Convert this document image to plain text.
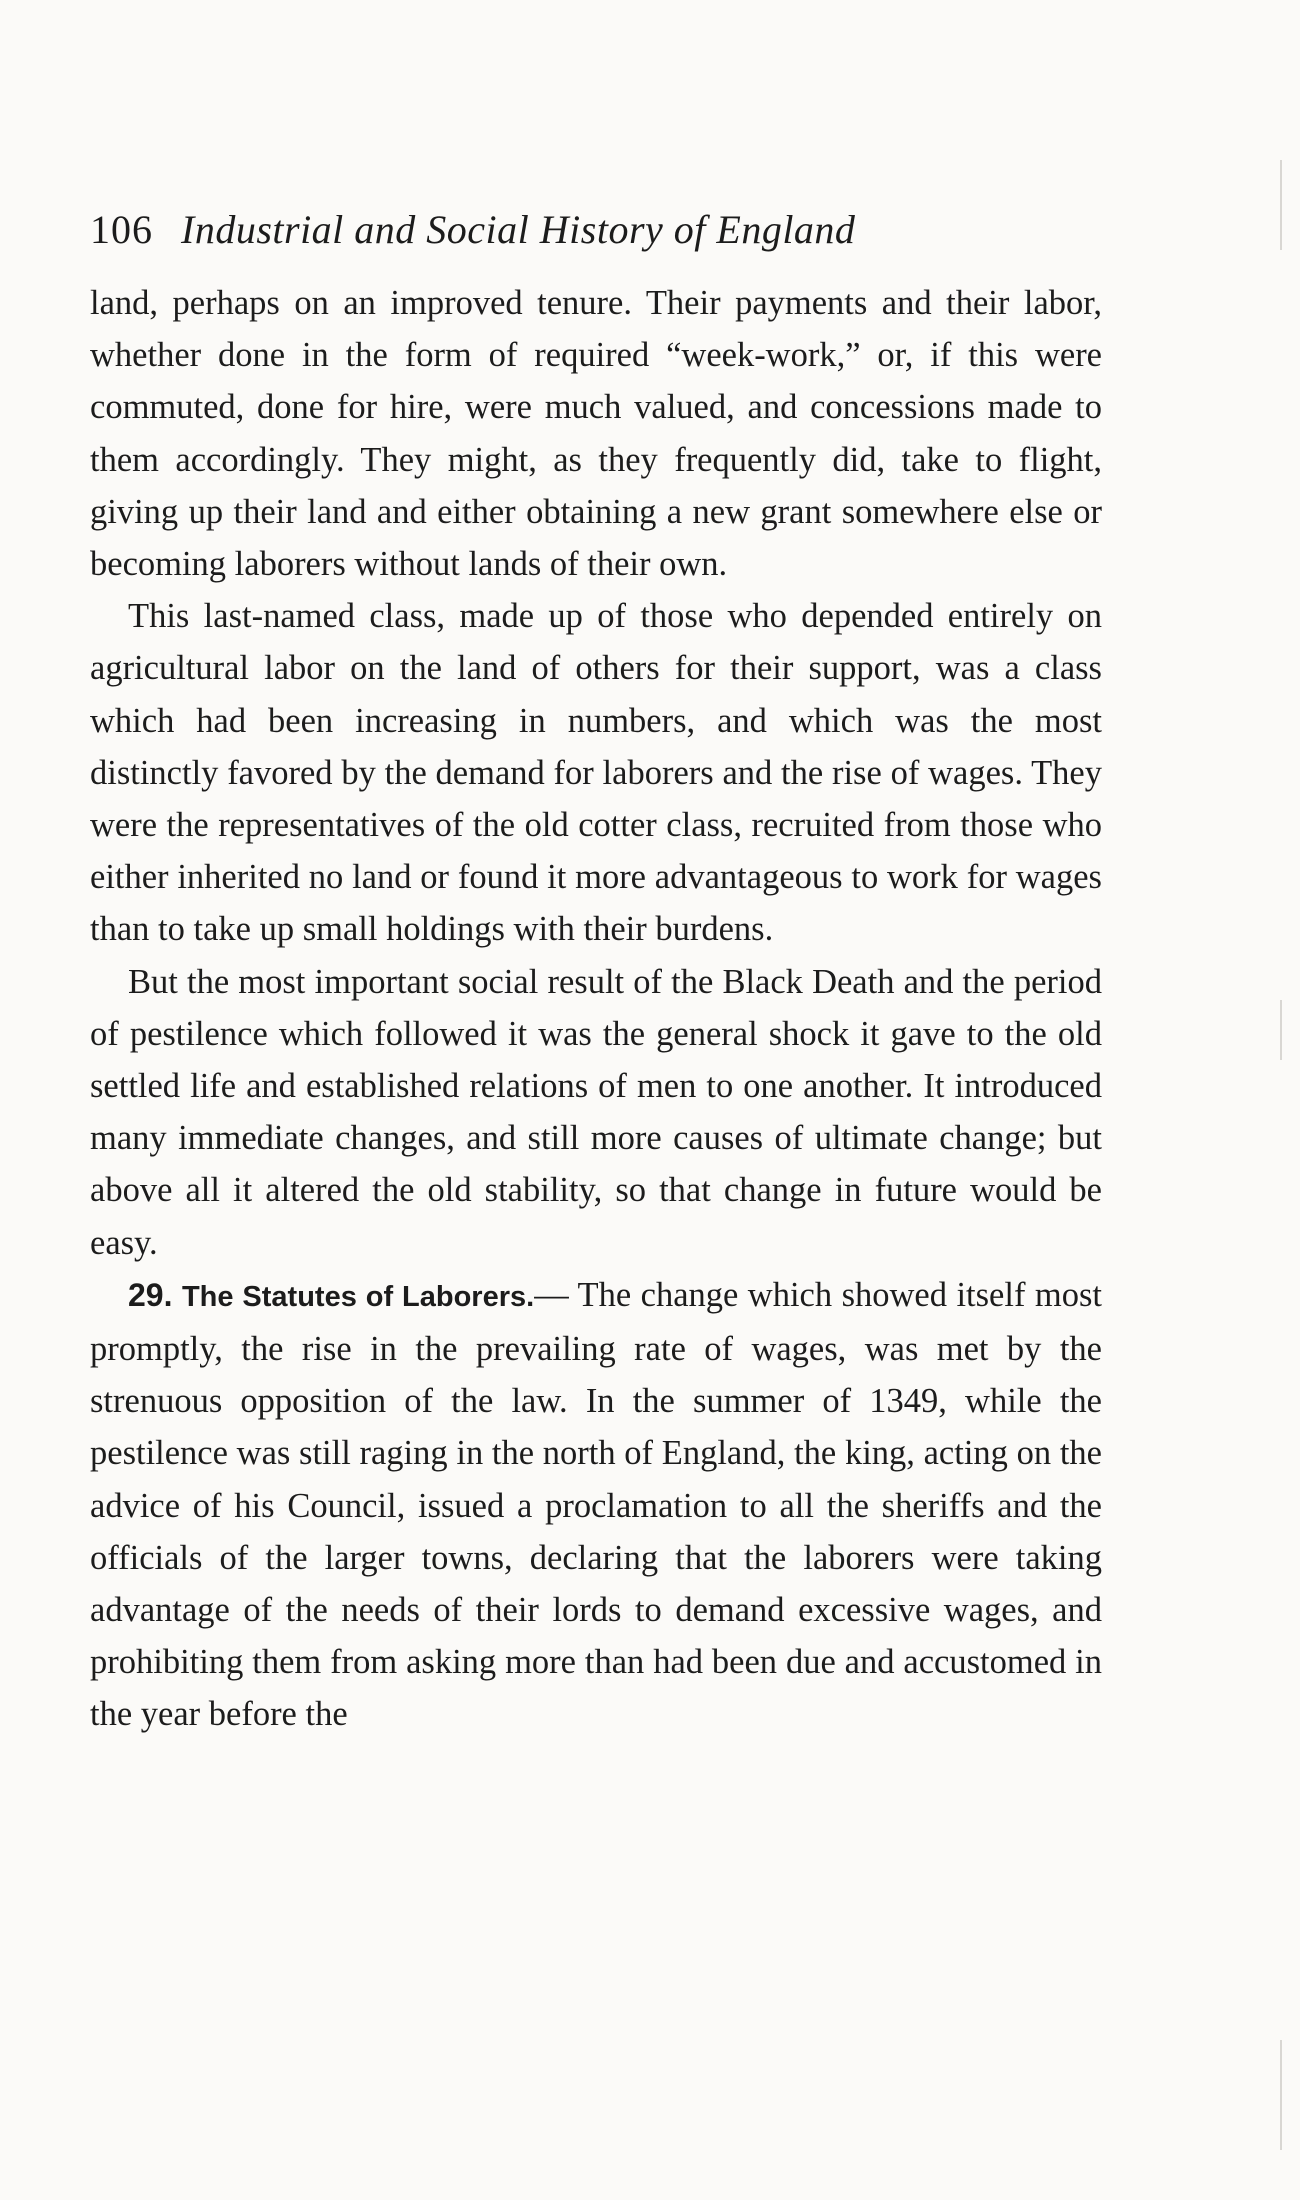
106 Industrial and Social History of England

land, perhaps on an improved tenure. Their payments and their labor, whether done in the form of required “week-work,” or, if this were commuted, done for hire, were much valued, and concessions made to them accordingly. They might, as they frequently did, take to flight, giving up their land and either obtaining a new grant somewhere else or becoming laborers without lands of their own.

This last-named class, made up of those who depended entirely on agricultural labor on the land of others for their support, was a class which had been increasing in numbers, and which was the most distinctly favored by the demand for laborers and the rise of wages. They were the representatives of the old cotter class, recruited from those who either inherited no land or found it more advantageous to work for wages than to take up small holdings with their burdens.

But the most important social result of the Black Death and the period of pestilence which followed it was the general shock it gave to the old settled life and established relations of men to one another. It introduced many immediate changes, and still more causes of ultimate change; but above all it altered the old stability, so that change in future would be easy.

29. The Statutes of Laborers.— The change which showed itself most promptly, the rise in the prevailing rate of wages, was met by the strenuous opposition of the law. In the summer of 1349, while the pestilence was still raging in the north of England, the king, acting on the advice of his Council, issued a proclamation to all the sheriffs and the officials of the larger towns, declaring that the laborers were taking advantage of the needs of their lords to demand excessive wages, and prohibiting them from asking more than had been due and accustomed in the year before the
